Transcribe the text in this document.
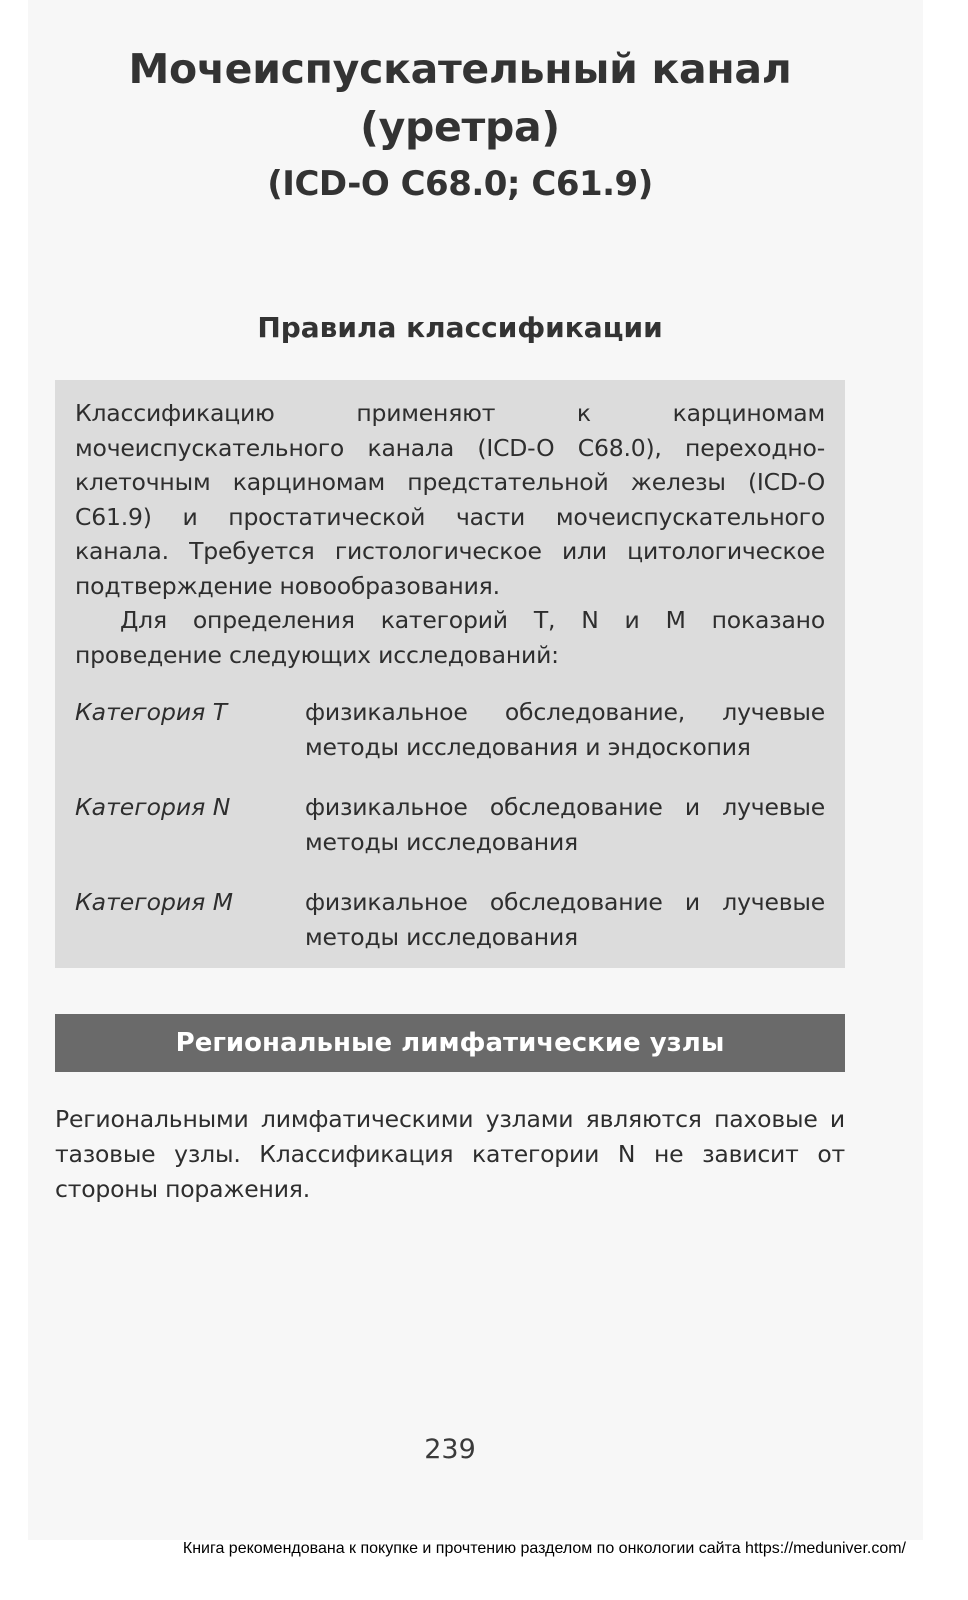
Мочеиспускательный канал
(уретра)
(ICD-O C68.0; C61.9)
Правила классификации

Классификацию применяют к карциномам мочеиспускательного канала (ICD-O C68.0), переходно-клеточным карциномам предстательной железы (ICD-O C61.9) и простатической части мочеиспускательного канала. Требуется гистологическое или цитологическое подтверждение новообразования.

Для определения категорий T, N и M показано проведение следующих исследований:

Категория T	физикальное обследование, лучевые методы исследования и эндоскопия
Категория N	физикальное обследование и лучевые методы исследования
Категория M	физикальное обследование и лучевые методы исследования
Региональные лимфатические узлы

Региональными лимфатическими узлами являются паховые и тазовые узлы. Классификация категории N не зависит от стороны поражения.

239
Книга рекомендована к покупке и прочтению разделом по онкологии сайта https://meduniver.com/
